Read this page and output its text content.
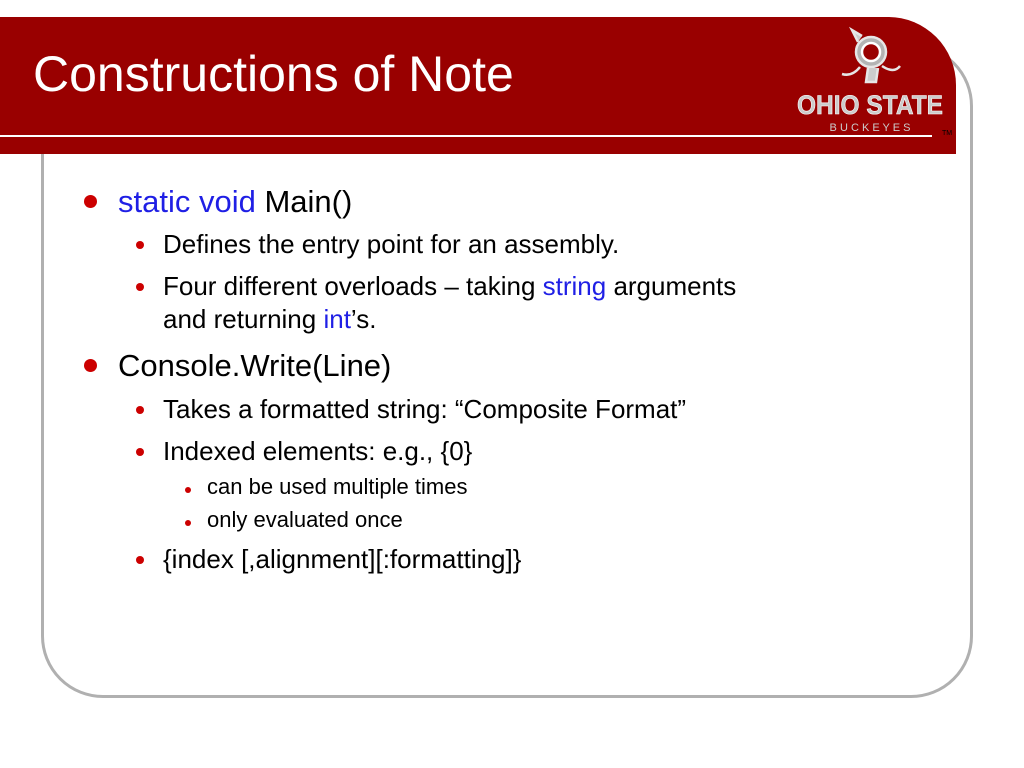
Constructions of Note
OHIO STATE
B U C K E Y E S	TM
static void Main()
Defines the entry point for an assembly.
Four different overloads – taking string arguments
and returning int’s.
Console.Write(Line)
Takes a formatted string: “Composite Format”
Indexed elements: e.g., {0}
can be used multiple times
only evaluated once
{index [,alignment][:formatting]}
